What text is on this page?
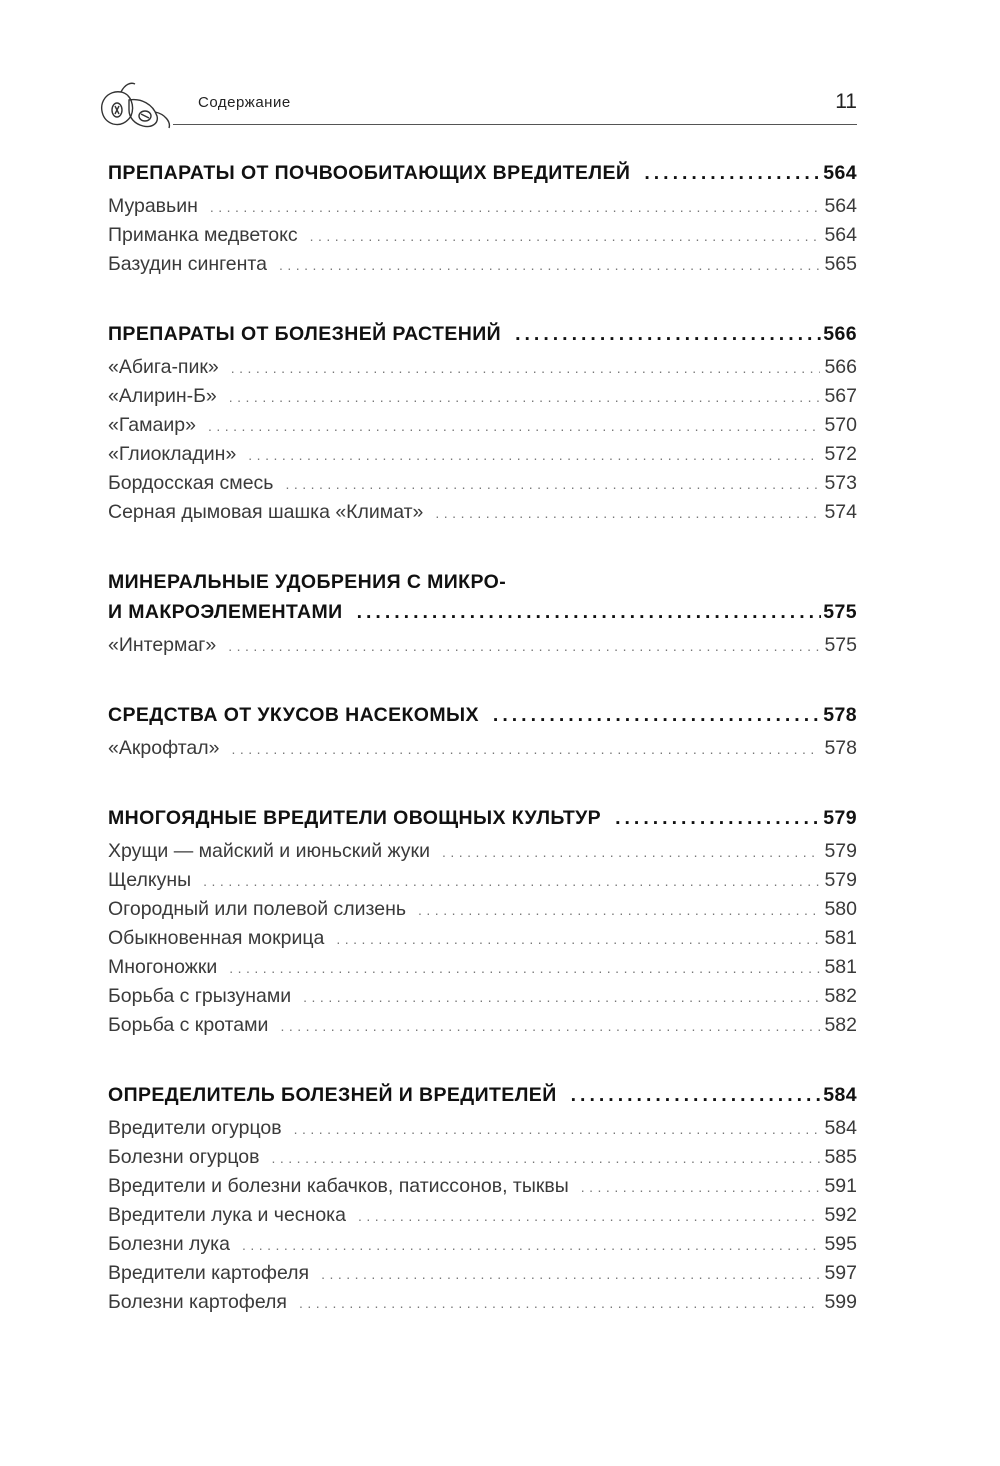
Содержание	11
ПРЕПАРАТЫ ОТ ПОЧВООБИТАЮЩИХ ВРЕДИТЕЛЕЙ .....	564
Муравьин .....	564
Приманка медветокс .....	564
Базудин сингента .....	565
ПРЕПАРАТЫ ОТ БОЛЕЗНЕЙ РАСТЕНИЙ .....	566
«Абига-пик» .....	566
«Алирин-Б» .....	567
«Гамаир» .....	570
«Глиокладин» .....	572
Бордосская смесь .....	573
Серная дымовая шашка «Климат» .....	574
МИНЕРАЛЬНЫЕ УДОБРЕНИЯ С МИКРО-
И МАКРОЭЛЕМЕНТАМИ .....	575
«Интермаг» .....	575
СРЕДСТВА ОТ УКУСОВ НАСЕКОМЫХ .....	578
«Акрофтал» .....	578
МНОГОЯДНЫЕ ВРЕДИТЕЛИ ОВОЩНЫХ КУЛЬТУР .....	579
Хрущи — майский и июньский жуки .....	579
Щелкуны .....	579
Огородный или полевой слизень .....	580
Обыкновенная мокрица .....	581
Многоножки .....	581
Борьба с грызунами .....	582
Борьба с кротами .....	582
ОПРЕДЕЛИТЕЛЬ БОЛЕЗНЕЙ И ВРЕДИТЕЛЕЙ .....	584
Вредители огурцов .....	584
Болезни огурцов .....	585
Вредители и болезни кабачков, патиссонов, тыквы .....	591
Вредители лука и чеснока .....	592
Болезни лука .....	595
Вредители картофеля .....	597
Болезни картофеля .....	599
